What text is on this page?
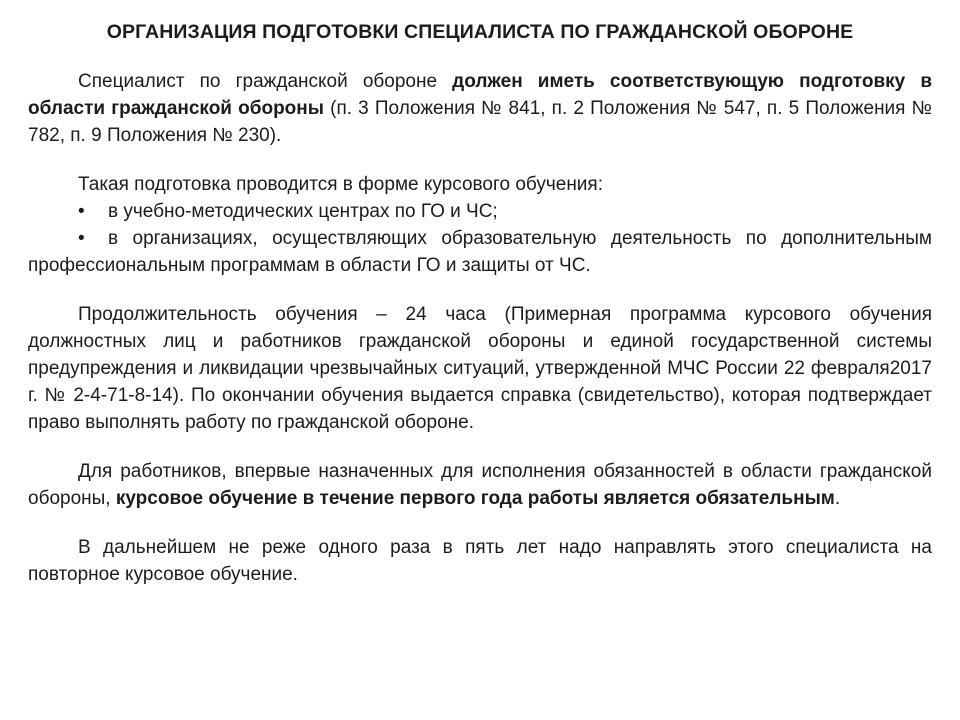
ОРГАНИЗАЦИЯ ПОДГОТОВКИ СПЕЦИАЛИСТА ПО ГРАЖДАНСКОЙ ОБОРОНЕ

Специалист по гражданской обороне должен иметь соответствующую подготовку в области гражданской обороны (п. 3 Положения № 841, п. 2 Положения № 547, п. 5 Положения № 782, п. 9 Положения № 230).

Такая подготовка проводится в форме курсового обучения:

• в учебно-методических центрах по ГО и ЧС;

• в организациях, осуществляющих образовательную деятельность по дополнительным профессиональным программам в области ГО и защиты от ЧС.

Продолжительность обучения – 24 часа (Примерная программа курсового обучения должностных лиц и работников гражданской обороны и единой государственной системы предупреждения и ликвидации чрезвычайных ситуаций, утвержденной МЧС России 22 февраля2017 г. № 2-4-71-8-14). По окончании обучения выдается справка (свидетельство), которая подтверждает право выполнять работу по гражданской обороне.

Для работников, впервые назначенных для исполнения обязанностей в области гражданской обороны, курсовое обучение в течение первого года работы является обязательным.

В дальнейшем не реже одного раза в пять лет надо направлять этого специалиста на повторное курсовое обучение.
